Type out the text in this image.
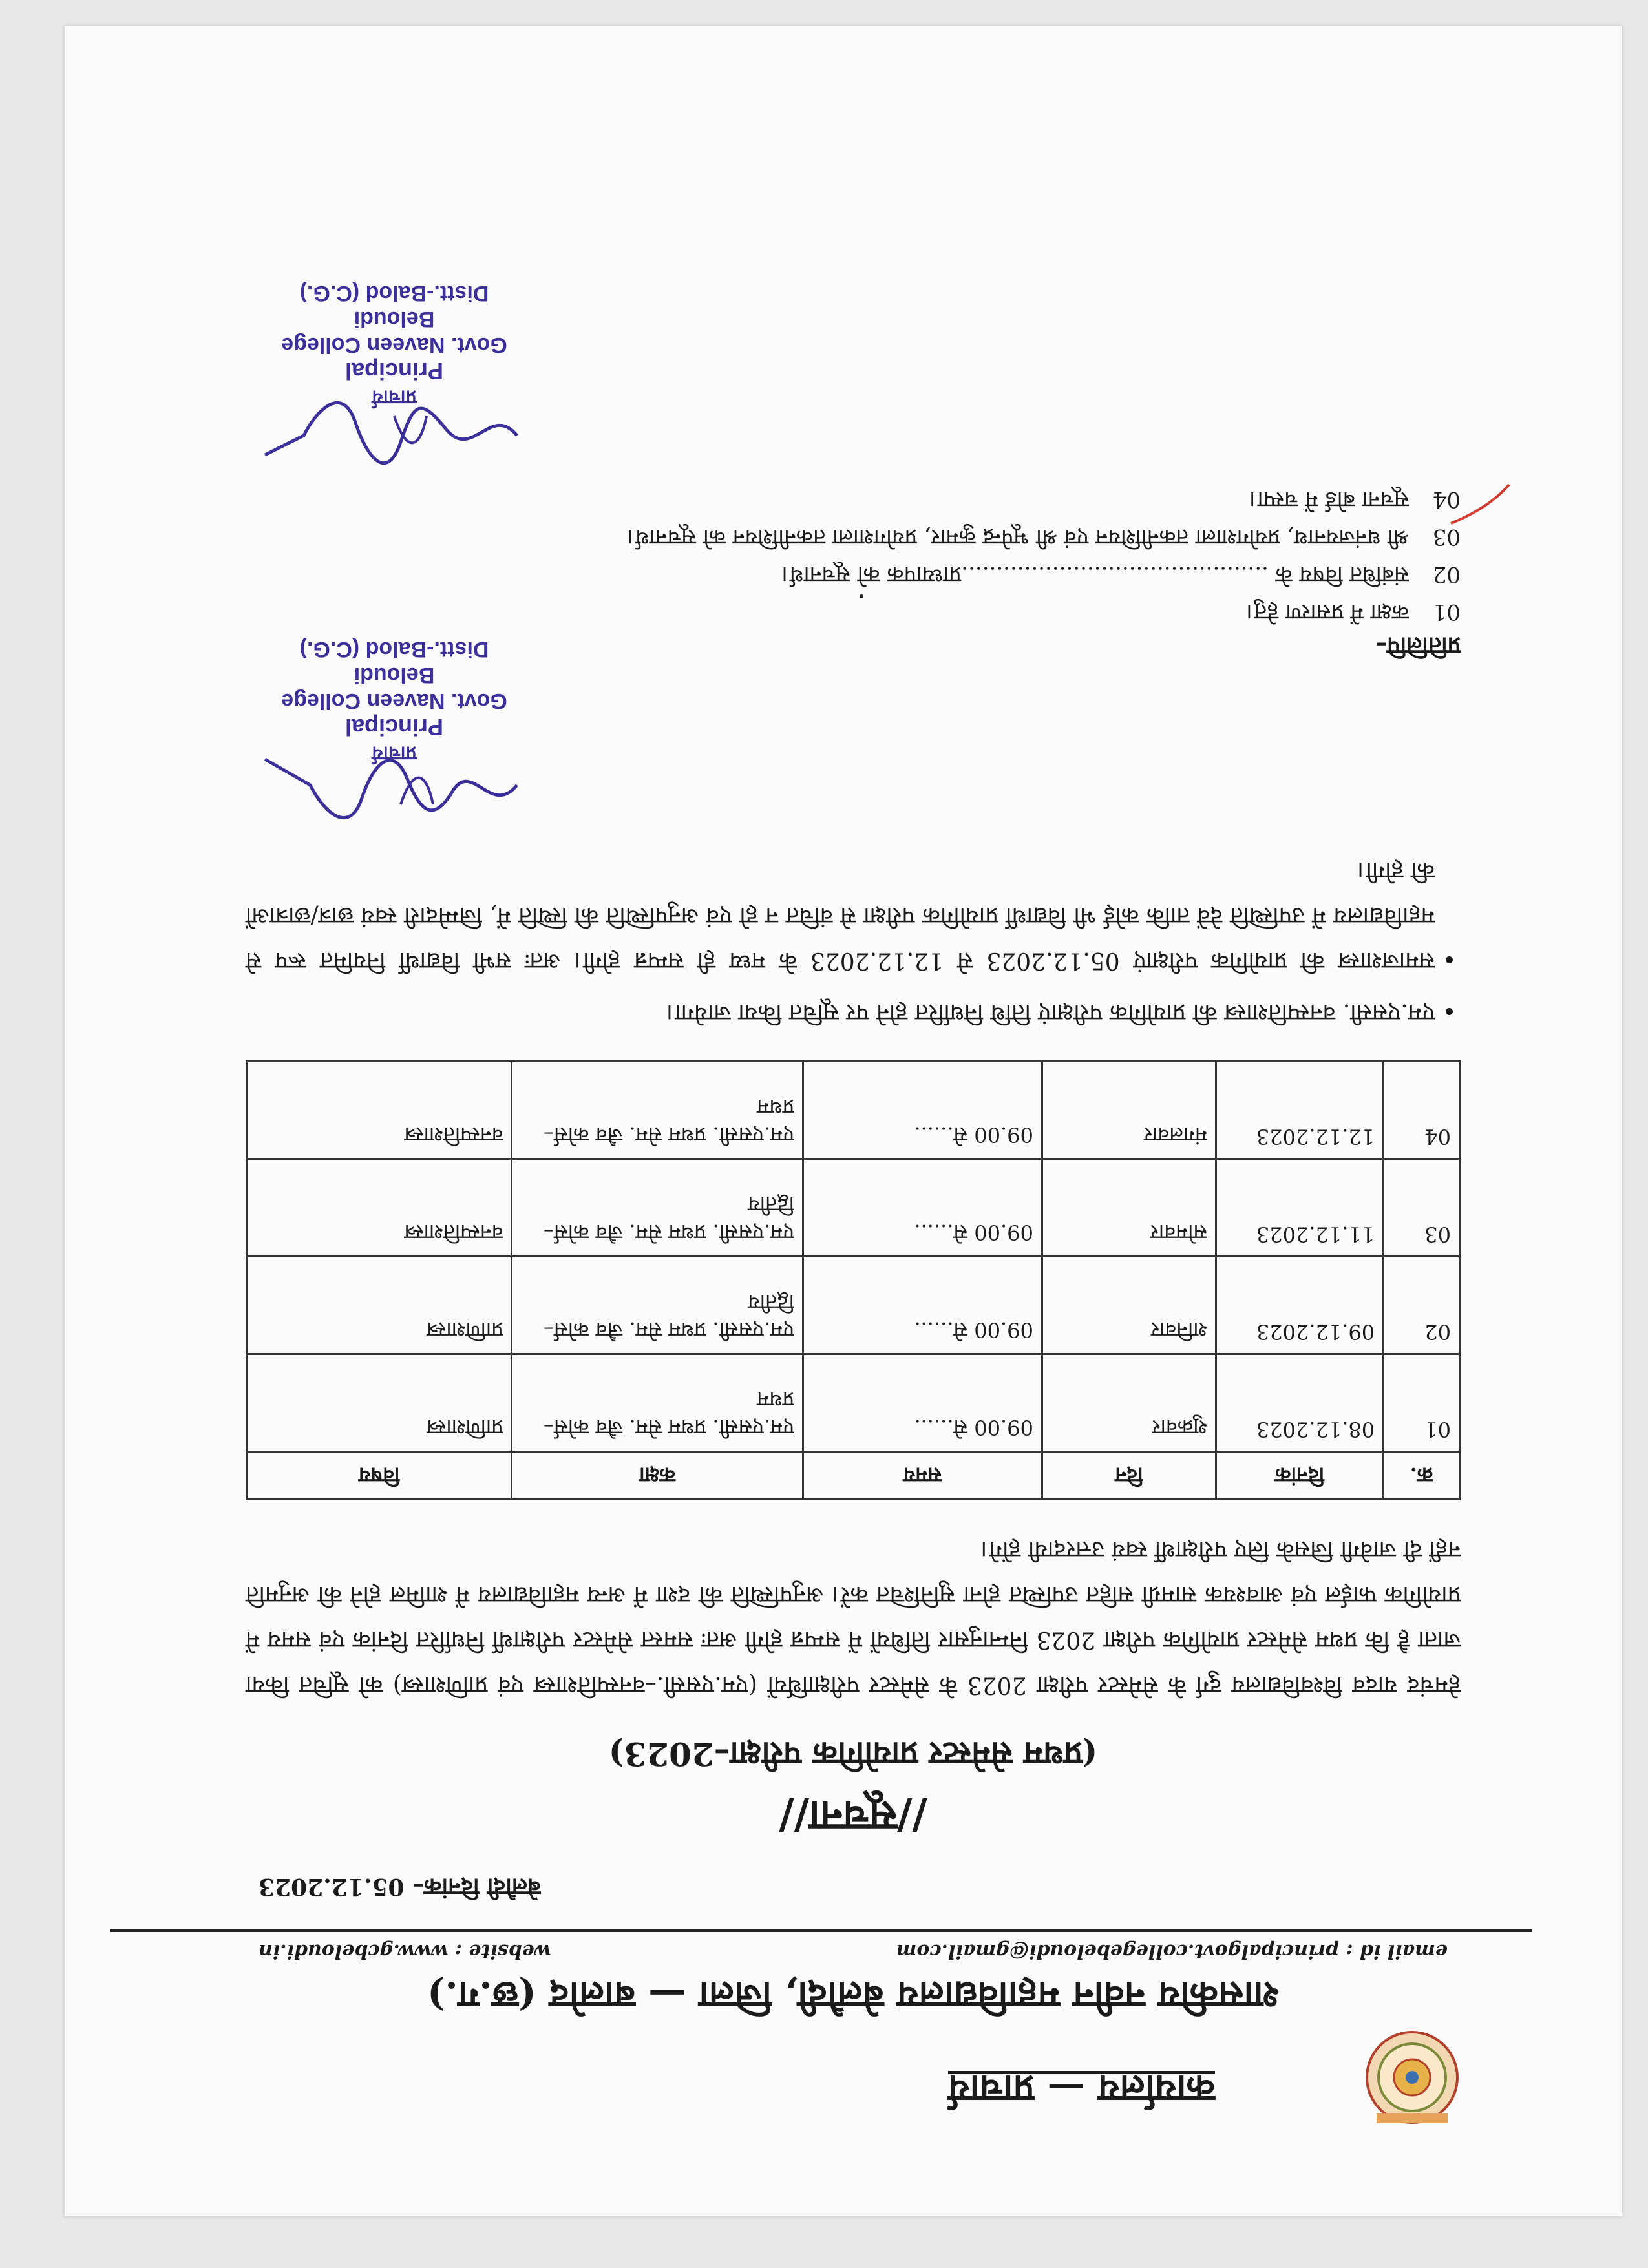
कार्यालय — प्राचार्य
शासकीय नवीन महाविद्यालय बेलौदी, जिला — बालोद (छ.ग.)
email id : principalgovt.collegebeloudi@gmail.com
website : www.gcbeloudi.in
बेलौदी दिनांक– 05.12.2023
//सूचना//
(प्रथम सेमेस्टर प्रायोगिक परीक्षा–2023)
हेमचंद यादव विश्वविद्यालय दुर्ग के सेमेस्टर परीक्षा 2023 के सेमेस्टर परीक्षार्थियों (एम.एससी.–वनस्पतिशास्त्र एवं प्राणिशास्त्र) को सूचित किया जाता है कि प्रथम सेमेस्टर प्रायोगिक परीक्षा 2023 निम्नानुसार तिथियों में सम्पन्न होगी अतः समस्त सेमेस्टर परीक्षार्थी निर्धारित दिनांक एवं समय में प्रायोगिक फाईल एवं आवश्यक सामग्री सहित उपस्थित होना सुनिश्चित करें। अनुपस्थिति की दशा में अन्य महाविद्यालय में शामिल होने की अनुमति नहीं दी जावेगी जिसके लिए परीक्षार्थी स्वयं उत्तरदायी होंगे।
क्र.	दिनांक	दिन	समय	कक्षा	विषय
01	08.12.2023	शुक्रवार	09.00 से......	एम.एससी. प्रथम सेम. जैव कोर्स–प्रथम	प्राणिशास्त्र
02	09.12.2023	शनिवार	09.00 से......	एम.एससी. प्रथम सेम. जैव कोर्स–द्वितीय	प्राणिशास्त्र
03	11.12.2023	सोमवार	09.00 से......	एम.एससी. प्रथम सेम. जैव कोर्स–द्वितीय	वनस्पतिशास्त्र
04	12.12.2023	मंगलवार	09.00 से......	एम.एससी. प्रथम सेम. जैव कोर्स–प्रथम	वनस्पतिशास्त्र
• एम.एससी. वनस्पतिशास्त्र की प्रायोगिक परीक्षाएं तिथि निर्धारित होने पर सूचित किया जायेगा।
• समाजशास्त्र की प्रायोगिक परीक्षाएं 05.12.2023 से 12.12.2023 के मध्य ही सम्पन्न होगी। अतः सभी विद्यार्थी नियमित रूप से महाविद्यालय में उपस्थिति देवें ताकि कोई भी विद्यार्थी प्रायोगिक परीक्षा से वंचित न हो एवं अनुपस्थिति की स्थिति में, जिम्मेदारी स्वयं छात्र/छात्राओं की होगी।
प्राचार्य
Principal
Govt. Naveen College Beloudi
Distt.-Balod (C.G.)	प्रतिलिपि–
01
कक्षा में प्रसारण हेतु।
02
संबंधित विषय के ............................................प्राध्यापक को सूचनार्थ।
03
श्री धनंजयनाथ, प्रयोगशाला तकनीशियन एवं श्री भूपेन्द्र कुमार, प्रयोगशाला तकनीशियन को सूचनार्थ।
04
सूचना बोर्ड में चस्पा।
प्राचार्य
Principal
Govt. Naveen College Beloudi
Distt.-Balod (C.G.)
